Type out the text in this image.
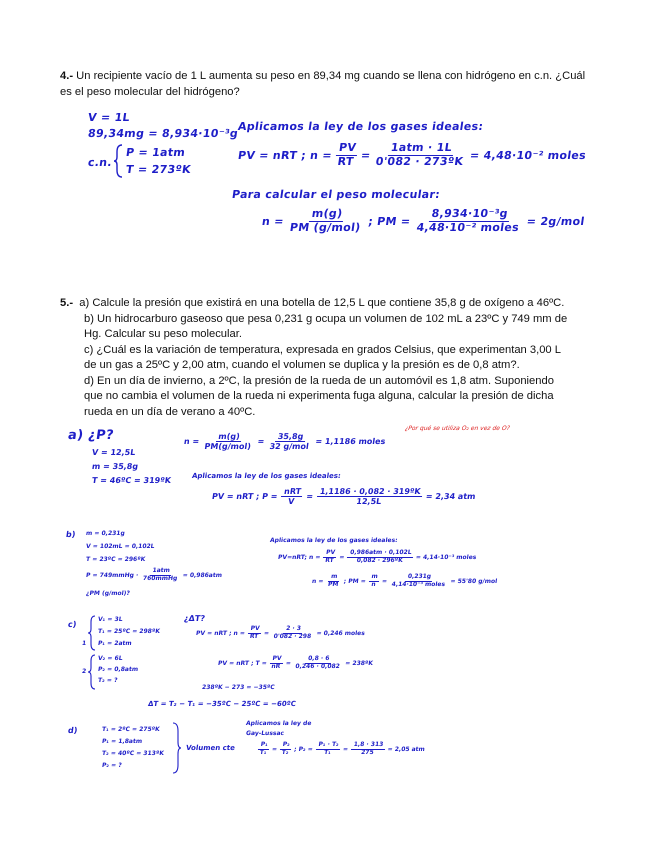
4.- Un recipiente vacío de 1 L aumenta su peso en 89,34 mg cuando se llena con hidrógeno en c.n. ¿Cuál es el peso molecular del hidrógeno?
V = 1L
89,34mg = 8,934·10⁻³g
c.n.
P = 1atm
T = 273ºK
Aplicamos la ley de los gases ideales:
PV = nRT ; $n = \frac{PV}{RT} = \frac{\text{1atm · 1L}}{\text{0'082 · 273ºK}} = 4,48\cdot 10^{-2}$ moles
Para calcular el peso molecular:
$n = \frac{m(g)}{\text{PM (g/mol)}}$ ; PM = $\frac{\text{8,934·10⁻³g}}{\text{4,48·10⁻² moles}} = 2g/mol$
5.- a) Calcule la presión que existirá en una botella de 12,5 L que contiene 35,8 g de oxígeno a 46ºC.
b) Un hidrocarburo gaseoso que pesa 0,231 g ocupa un volumen de 102 mL a 23ºC y 749 mm de Hg. Calcular su peso molecular.
c) ¿Cuál es la variación de temperatura, expresada en grados Celsius, que experimentan 3,00 L de un gas a 25ºC y 2,00 atm, cuando el volumen se duplica y la presión es de 0,8 atm?.
d) En un día de invierno, a 2ºC, la presión de la rueda de un automóvil es 1,8 atm. Suponiendo que no cambia el volumen de la rueda ni experimenta fuga alguna, calcular la presión de dicha rueda en un día de verano a 40ºC.
a) ¿P?	¿Por qué se utiliza O₂ en vez de O?
V = 12,5L
m = 35,8g
T = 46ºC = 319ºK
$n = \frac{m(g)}{\text{PM(g/mol)}} = \frac{35,8g}{\text{32 g/mol}} = 1,1186$ moles
Aplicamos la ley de los gases ideales:
PV = nRT ; $P = \frac{\text{nRT}}{V} = \frac{\text{1,1186 · 0,082 · 319ºK}}{12,5L} = 2,34$ atm
b) m = 0,231g
V = 102mL = 0,102L
T = 23ºC = 296ºK
P = 749mmHg · $\frac{\text{1atm}}{\text{760mmHg}} = 0,986atm$
¿PM (g/mol)?
Aplicamos la ley de los gases ideales:
PV=nRT; $n = \frac{PV}{RT} = \frac{\text{0,986atm · 0,102L}}{\text{0,082 · 296ºK}} = 4,14\cdot 10^{-3}$ moles
$n = \frac{m}{PM}$ ; PM = $\frac{m}{n} = \frac{0,231g}{\text{4,14·10⁻³ moles}} = 55'80$ g/mol
c)
1
V₁ = 3L
T₁ = 25ºC = 298ºK
P₁ = 2atm
¿ΔT?
PV = nRT ; $n = \frac{PV}{RT} = \frac{2 \cdot 3}{0'082 \cdot 298} = 0,246$ moles
2
V₂ = 6L
P₂ = 0,8atm
T₂ = ?
PV = nRT ; $T = \frac{PV}{nR} = \frac{0,8 \cdot 6}{0,246 \cdot 0,082}$ = 238ºK
238ºK − 273 = −35ºC
ΔT = T₂ − T₁ = −35ºC − 25ºC = −60ºC
d)	T₁ = 2ºC = 275ºK
P₁ = 1,8atm
T₂ = 40ºC = 313ºK
P₂ = ?
Volumen cte
Aplicamos la ley de
Gay-Lussac
$\frac{\text{P₁}}{\text{T₁}} = \frac{\text{P₂}}{\text{T₂}}$ ; $P_2 = \frac{\text{P₁ · T₂}}{\text{T₁}} = \frac{1,8 \cdot 313}{275} = 2,05$ atm
